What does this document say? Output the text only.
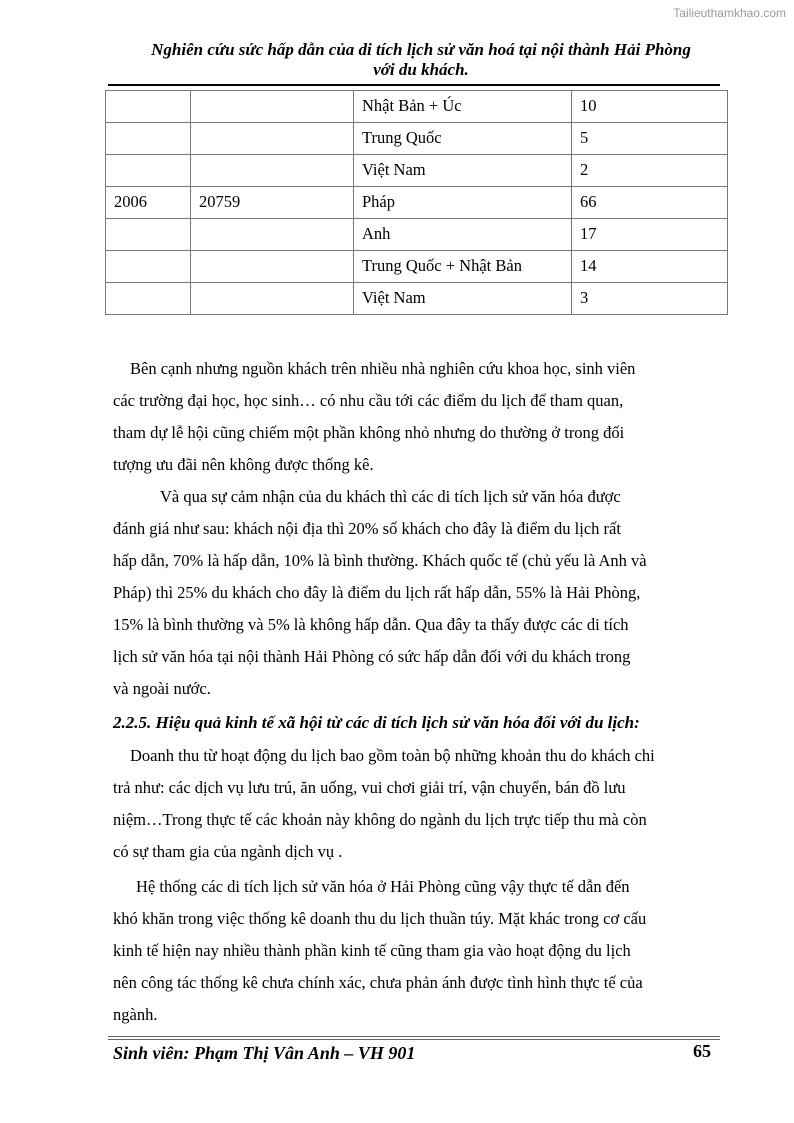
Tailieuthamkhao.com
Nghiên cứu sức hấp dẫn của di tích lịch sử văn hoá tại nội thành Hải Phòng
với du khách.
		Nhật Bản + Úc	10
		Trung Quốc	5
		Việt Nam	2
2006	20759	Pháp	66
		Anh	17
		Trung Quốc + Nhật Bản	14
		Việt Nam	3
Bên cạnh nhưng nguồn khách trên nhiều nhà nghiên cứu khoa học, sinh viên
các trường đại học, học sinh… có nhu cầu tới các điểm du lịch để tham quan,
tham dự lễ hội cũng chiếm một phần không nhỏ nhưng do thường ở trong đối
tượng ưu đãi nên không được thống kê.
Và qua sự cảm nhận của du khách thì các di tích lịch sử văn hóa được
đánh giá như sau: khách nội địa thì 20% số khách cho đây là điểm du lịch rất
hấp dẫn, 70% là hấp dẫn, 10% là bình thường. Khách quốc tế (chủ yếu là Anh và
Pháp) thì 25% du khách cho đây là điểm du lịch rất hấp dẫn, 55% là Hải Phòng,
15% là bình thường và 5% là không hấp dẫn. Qua đây ta thấy được các di tích
lịch sử văn hóa tại nội thành Hải Phòng có sức hấp dẫn đối với du khách trong
và ngoài nước.
Doanh thu từ hoạt động du lịch bao gồm toàn bộ những khoản thu do khách chi
trả như: các dịch vụ lưu trú, ăn uống, vui chơi giải trí, vận chuyển, bán đồ lưu
niệm…Trong thực tế các khoản này không do ngành du lịch trực tiếp thu mà còn
có sự tham gia của ngành dịch vụ .
Hệ thống các di tích lịch sử văn hóa ở Hải Phòng cũng vậy thực tế dẫn đến
khó khăn trong việc thống kê doanh thu du lịch thuần túy. Mặt khác trong cơ cấu
kinh tế hiện nay nhiều thành phần kinh tế cũng tham gia vào hoạt động du lịch
nên công tác thống kê chưa chính xác, chưa phản ánh được tình hình thực tế của
ngành.
2.2.5. Hiệu quả kinh tế xã hội từ các di tích lịch sử văn hóa đối với du lịch:
Sinh viên: Phạm Thị Vân Anh – VH 901	65
